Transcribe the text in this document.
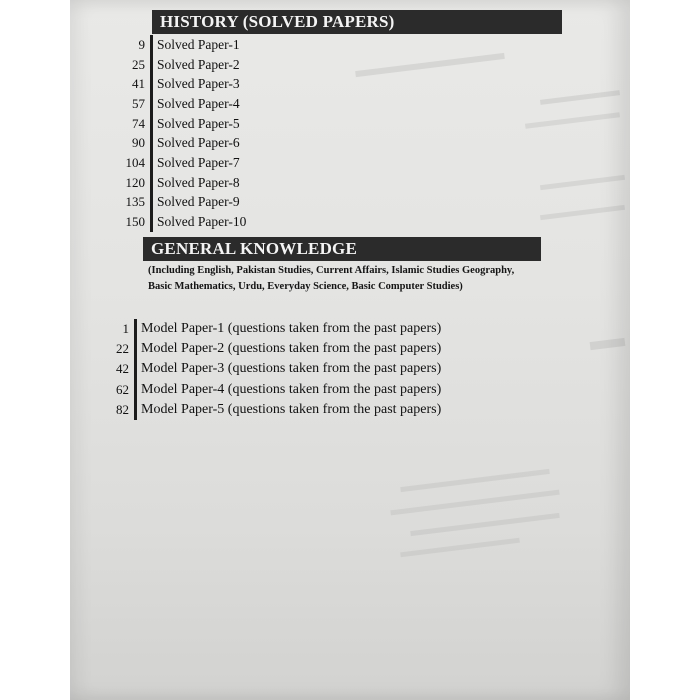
HISTORY (SOLVED PAPERS)
9 Solved Paper-1
25 Solved Paper-2
41 Solved Paper-3
57 Solved Paper-4
74 Solved Paper-5
90 Solved Paper-6
104 Solved Paper-7
120 Solved Paper-8
135 Solved Paper-9
150 Solved Paper-10
GENERAL KNOWLEDGE
(Including English, Pakistan Studies, Current Affairs, Islamic Studies Geography, Basic Mathematics, Urdu, Everyday Science, Basic Computer Studies)
1 Model Paper-1 (questions taken from the past papers)
22 Model Paper-2 (questions taken from the past papers)
42 Model Paper-3 (questions taken from the past papers)
62 Model Paper-4 (questions taken from the past papers)
82 Model Paper-5 (questions taken from the past papers)
